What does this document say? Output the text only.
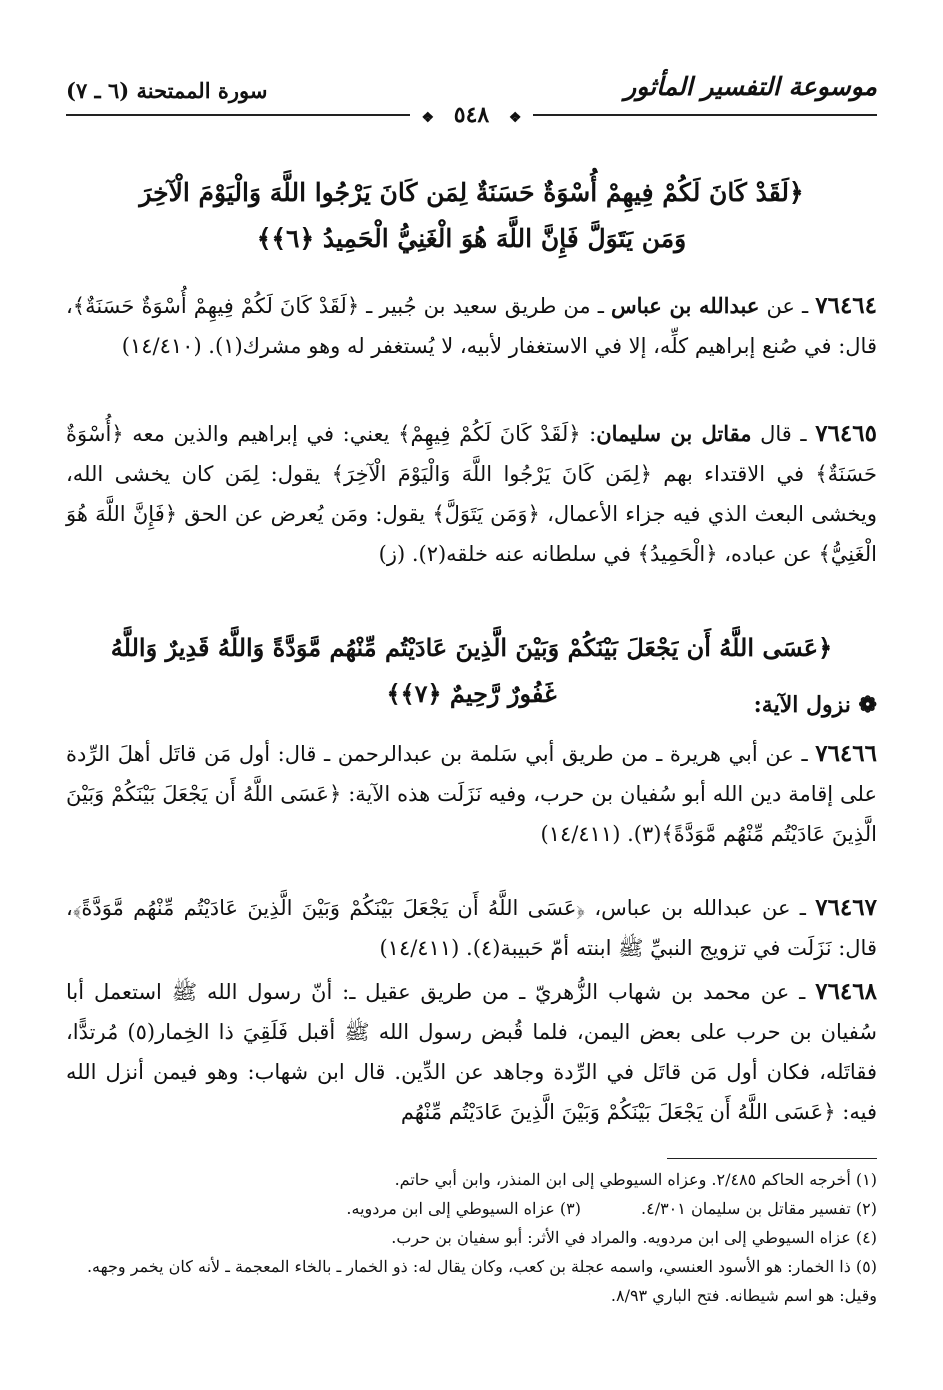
موسوعة التفسير المأثور
سورة الممتحنة (٦ ـ ٧)
❖ ٥٤٨ ❖
﴿لَقَدْ كَانَ لَكُمْ فِيهِمْ أُسْوَةٌ حَسَنَةٌ لِمَن كَانَ يَرْجُوا اللَّهَ وَالْيَوْمَ الْآخِرَ
وَمَن يَتَوَلَّ فَإِنَّ اللَّهَ هُوَ الْغَنِيُّ الْحَمِيدُ ﴿٦﴾﴾
٧٦٤٦٤ ـ عن عبدالله بن عباس ـ من طريق سعيد بن جُبير ـ ﴿لَقَدْ كَانَ لَكُمْ فِيهِمْ أُسْوَةٌ حَسَنَةٌ﴾، قال: في صُنع إبراهيم كلِّه، إلا في الاستغفار لأبيه، لا يُستغفر له وهو مشرك(١). (١٤/٤١٠)
٧٦٤٦٥ ـ قال مقاتل بن سليمان: ﴿لَقَدْ كَانَ لَكُمْ فِيهِمْ﴾ يعني: في إبراهيم والذين معه ﴿أُسْوَةٌ حَسَنَةٌ﴾ في الاقتداء بهم ﴿لِمَن كَانَ يَرْجُوا اللَّهَ وَالْيَوْمَ الْآخِرَ﴾ يقول: لِمَن كان يخشى الله، ويخشى البعث الذي فيه جزاء الأعمال، ﴿وَمَن يَتَوَلَّ﴾ يقول: ومَن يُعرض عن الحق ﴿فَإِنَّ اللَّهَ هُوَ الْغَنِيُّ﴾ عن عباده، ﴿الْحَمِيدُ﴾ في سلطانه عنه خلقه(٢). (ز)
﴿عَسَى اللَّهُ أَن يَجْعَلَ بَيْنَكُمْ وَبَيْنَ الَّذِينَ عَادَيْتُم مِّنْهُم مَّوَدَّةً وَاللَّهُ قَدِيرٌ وَاللَّهُ غَفُورٌ رَّحِيمٌ ﴿٧﴾﴾	❁ نزول الآية:
٧٦٤٦٦ ـ عن أبي هريرة ـ من طريق أبي سَلمة بن عبدالرحمن ـ قال: أول مَن قاتَل أهلَ الرِّدة على إقامة دين الله أبو سُفيان بن حرب، وفيه نَزَلَت هذه الآية: ﴿عَسَى اللَّهُ أَن يَجْعَلَ بَيْنَكُمْ وَبَيْنَ الَّذِينَ عَادَيْتُم مِّنْهُم مَّوَدَّةً﴾(٣). (١٤/٤١١)
٧٦٤٦٧ ـ عن عبدالله بن عباس، ﴿عَسَى اللَّهُ أَن يَجْعَلَ بَيْنَكُمْ وَبَيْنَ الَّذِينَ عَادَيْتُم مِّنْهُم مَّوَدَّةً﴾، قال: نَزَلَت في تزويج النبيِّ ﷺ ابنته أمّ حَبيبة(٤). (١٤/٤١١)
٧٦٤٦٨ ـ عن محمد بن شهاب الزُّهريّ ـ من طريق عقيل ـ: أنّ رسول الله ﷺ استعمل أبا سُفيان بن حرب على بعض اليمن، فلما قُبض رسول الله ﷺ أقبل فَلَقِيَ ذا الخِمار(٥) مُرتدًّا، فقاتَله، فكان أول مَن قاتَل في الرِّدة وجاهد عن الدِّين. قال ابن شهاب: وهو فيمن أنزل الله فيه: ﴿عَسَى اللَّهُ أَن يَجْعَلَ بَيْنَكُمْ وَبَيْنَ الَّذِينَ عَادَيْتُم مِّنْهُم
(١) أخرجه الحاكم ٢/٤٨٥. وعزاه السيوطي إلى ابن المنذر، وابن أبي حاتم.
(٢) تفسير مقاتل بن سليمان ٤/٣٠١.
(٣) عزاه السيوطي إلى ابن مردويه.
(٤) عزاه السيوطي إلى ابن مردويه. والمراد في الأثر: أبو سفيان بن حرب.
(٥) ذا الخمار: هو الأسود العنسي، واسمه عجلة بن كعب، وكان يقال له: ذو الخمار ـ بالخاء المعجمة ـ لأنه كان يخمر وجهه. وقيل: هو اسم شيطانه. فتح الباري ٨/٩٣.
